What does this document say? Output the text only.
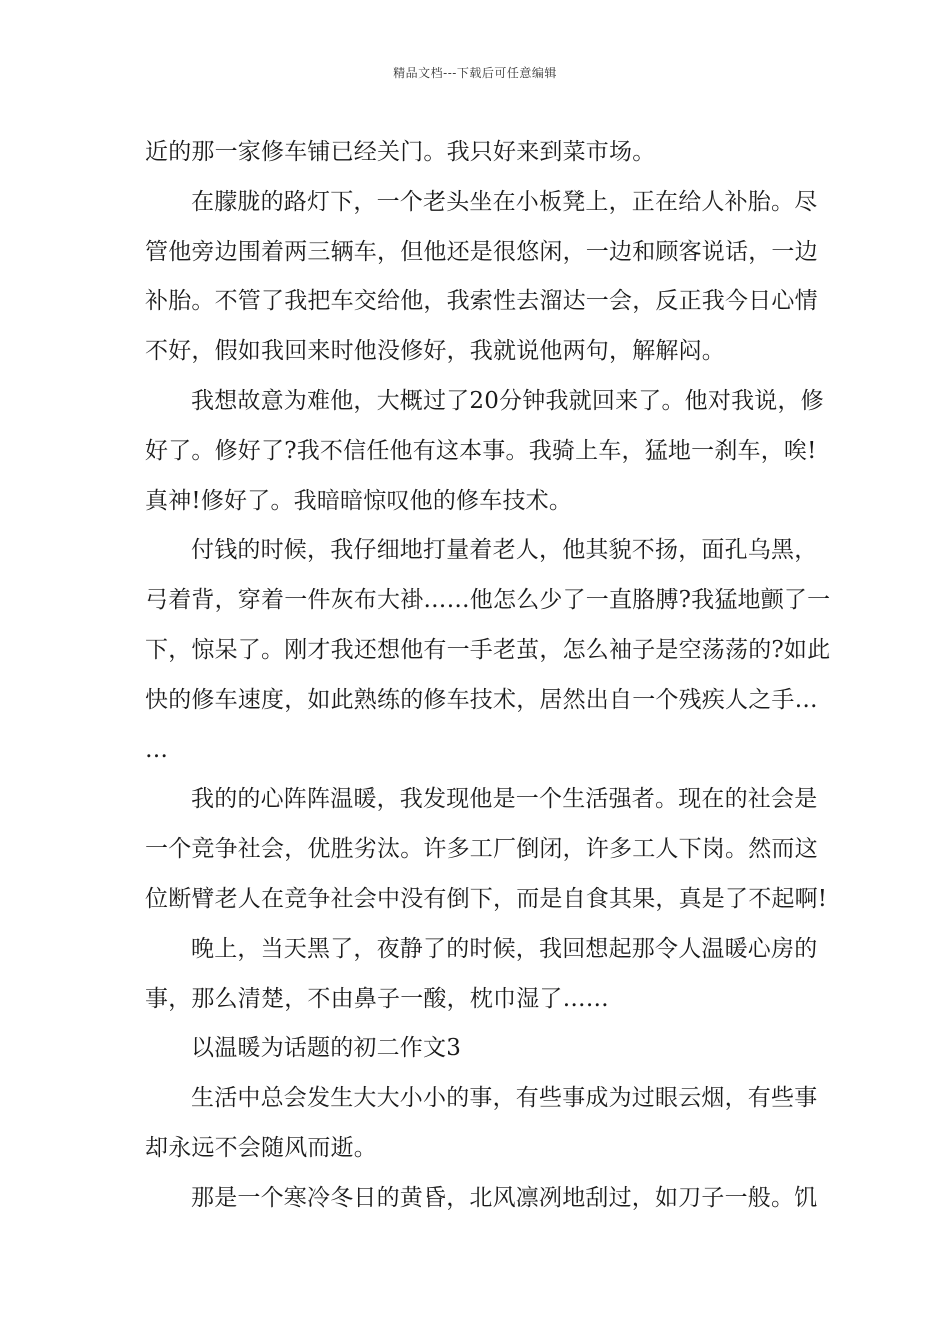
精品文档---下载后可任意编辑
近的那一家修车铺已经关门。我只好来到菜市场。
在朦胧的路灯下，一个老头坐在小板凳上，正在给人补胎。尽
管他旁边围着两三辆车，但他还是很悠闲，一边和顾客说话，一边
补胎。不管了我把车交给他，我索性去溜达一会，反正我今日心情
不好，假如我回来时他没修好，我就说他两句，解解闷。
我想故意为难他，大概过了20分钟我就回来了。他对我说，修
好了。修好了?我不信任他有这本事。我骑上车，猛地一刹车，唉!
真神!修好了。我暗暗惊叹他的修车技术。
付钱的时候，我仔细地打量着老人，他其貌不扬，面孔乌黑，
弓着背，穿着一件灰布大褂……他怎么少了一直胳膊?我猛地颤了一
下，惊呆了。刚才我还想他有一手老茧，怎么袖子是空荡荡的?如此
快的修车速度，如此熟练的修车技术，居然出自一个残疾人之手…
…
我的的心阵阵温暖，我发现他是一个生活强者。现在的社会是
一个竞争社会，优胜劣汰。许多工厂倒闭，许多工人下岗。然而这
位断臂老人在竞争社会中没有倒下，而是自食其果，真是了不起啊!
晚上，当天黑了，夜静了的时候，我回想起那令人温暖心房的
事，那么清楚，不由鼻子一酸，枕巾湿了……
以温暖为话题的初二作文3
生活中总会发生大大小小的事，有些事成为过眼云烟，有些事
却永远不会随风而逝。
那是一个寒冷冬日的黄昏，北风凛冽地刮过，如刀子一般。饥
